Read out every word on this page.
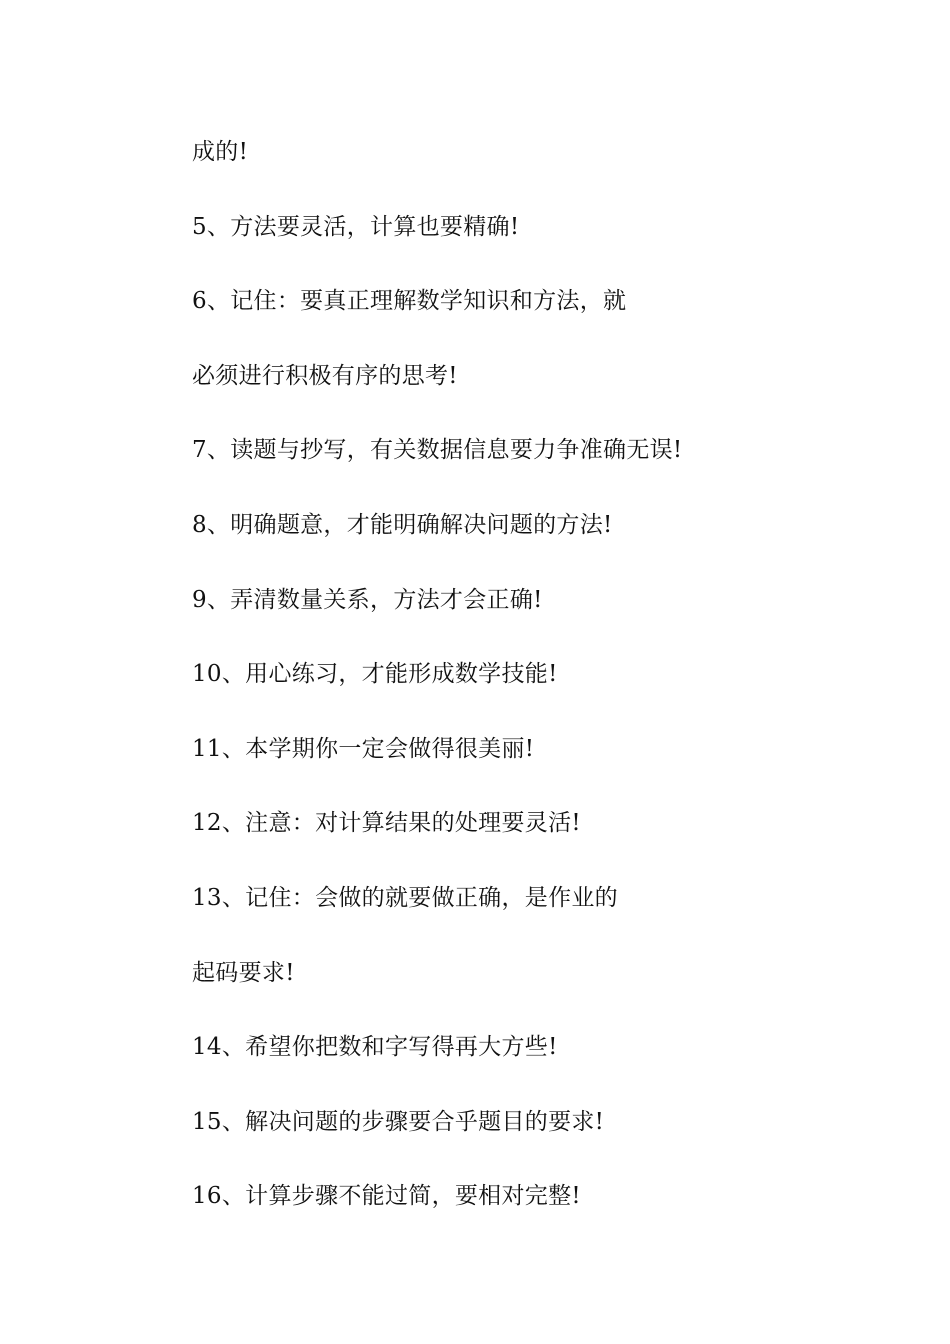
成的!
5、方法要灵活，计算也要精确!
6、记住：要真正理解数学知识和方法，就
必须进行积极有序的思考!
7、读题与抄写，有关数据信息要力争准确无误!
8、明确题意，才能明确解决问题的方法!
9、弄清数量关系，方法才会正确!
10、用心练习，才能形成数学技能!
11、本学期你一定会做得很美丽!
12、注意：对计算结果的处理要灵活!
13、记住：会做的就要做正确，是作业的
起码要求!
14、希望你把数和字写得再大方些!
15、解决问题的步骤要合乎题目的要求!
16、计算步骤不能过简，要相对完整!
